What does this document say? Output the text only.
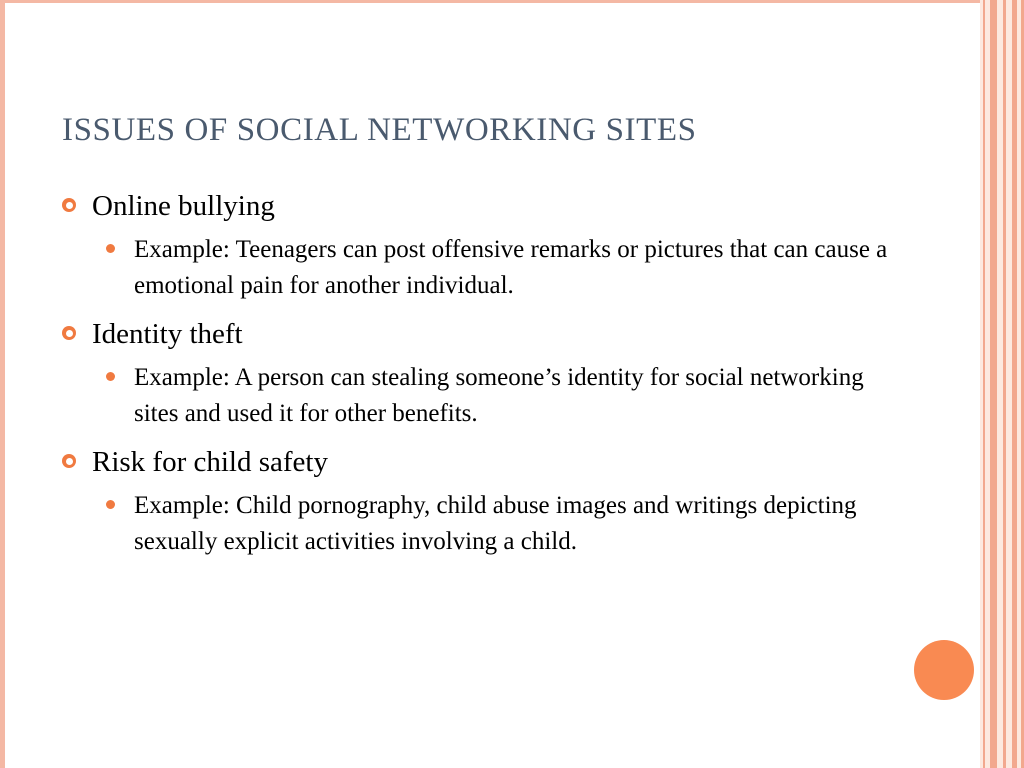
ISSUES OF SOCIAL NETWORKING SITES

Online bullying

Example: Teenagers can post offensive remarks or pictures that can cause a  emotional pain for another individual.

Identity theft

Example: A person can stealing someone’s identity for social networking sites and used it for other benefits.

Risk for child safety

Example: Child pornography, child abuse images and writings depicting sexually explicit activities involving a child.
